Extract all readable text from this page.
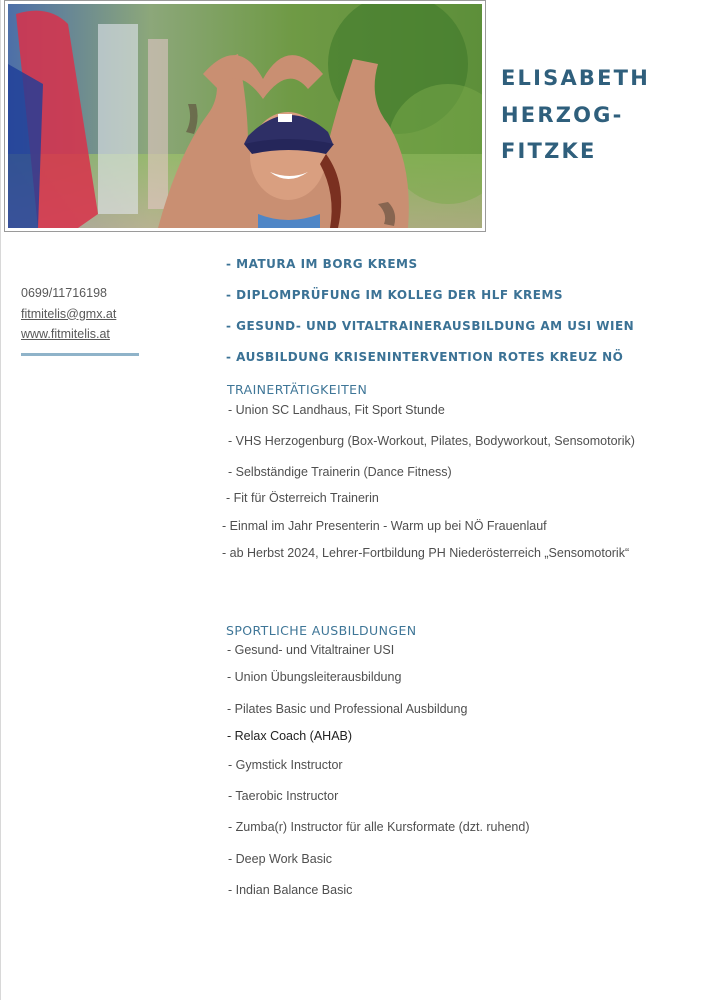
ELISABETH
HERZOG-
FITZKE
0699/11716198
fitmitelis@gmx.at
www.fitmitelis.at
- MATURA IM BORG KREMS
- DIPLOMPRÜFUNG IM KOLLEG DER HLF KREMS
- GESUND- UND VITALTRAINERAUSBILDUNG AM USI WIEN
- AUSBILDUNG KRISENINTERVENTION ROTES KREUZ NÖ
TRAINERTÄTIGKEITEN
- Union SC Landhaus, Fit Sport Stunde
- VHS Herzogenburg (Box-Workout, Pilates, Bodyworkout, Sensomotorik)
- Selbständige Trainerin (Dance Fitness)
- Fit für Österreich Trainerin
- Einmal im Jahr Presenterin - Warm up bei NÖ Frauenlauf
- ab Herbst 2024, Lehrer-Fortbildung PH Niederösterreich „Sensomotorik“
SPORTLICHE AUSBILDUNGEN
- Gesund- und Vitaltrainer USI
- Union Übungsleiterausbildung
- Pilates Basic und Professional Ausbildung
- Relax Coach (AHAB)
- Gymstick Instructor
- Taerobic Instructor
- Zumba(r) Instructor für alle Kursformate (dzt. ruhend)
- Deep Work Basic
- Indian Balance Basic
